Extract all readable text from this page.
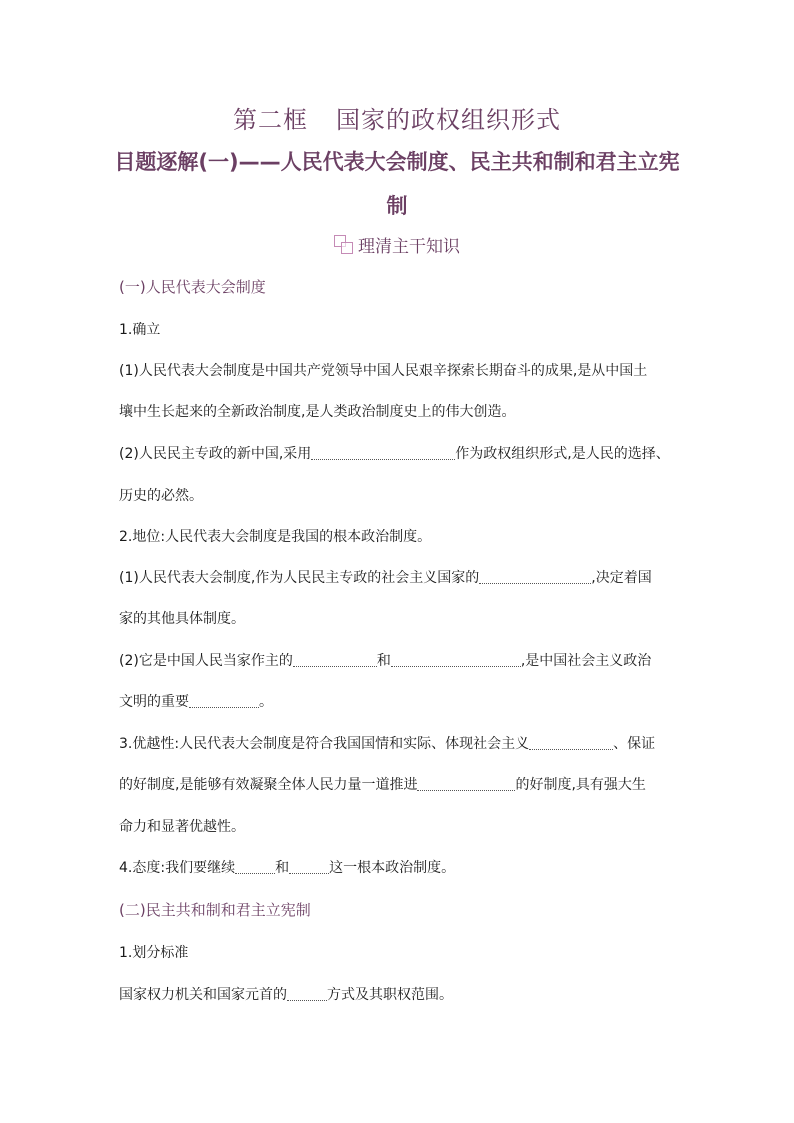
第二框 国家的政权组织形式
目题逐解(一)——人民代表大会制度、民主共和制和君主立宪
制
理清主干知识
(一)人民代表大会制度
1.确立
(1)人民代表大会制度是中国共产党领导中国人民艰辛探索长期奋斗的成果,是从中国土
壤中生长起来的全新政治制度,是人类政治制度史上的伟大创造。
(2)人民民主专政的新中国,采用	作为政权组织形式,是人民的选择、
历史的必然。
2.地位:人民代表大会制度是我国的根本政治制度。
(1)人民代表大会制度,作为人民民主专政的社会主义国家的	,决定着国
家的其他具体制度。
(2)它是中国人民当家作主的	和	,是中国社会主义政治
文明的重要	。
3.优越性:人民代表大会制度是符合我国国情和实际、体现社会主义	、保证
的好制度,是能够有效凝聚全体人民力量一道推进	的好制度,具有强大生
命力和显著优越性。
4.态度:我们要继续	和	这一根本政治制度。
(二)民主共和制和君主立宪制
1.划分标准
国家权力机关和国家元首的	方式及其职权范围。
